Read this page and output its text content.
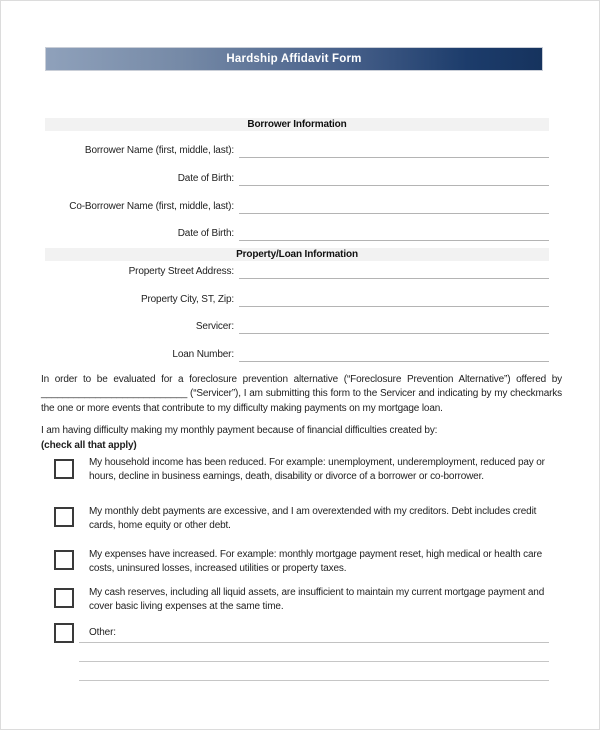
Hardship Affidavit Form
Borrower Information
Borrower Name (first, middle, last):
Date of Birth:
Co-Borrower Name (first, middle, last):
Date of Birth:
Property/Loan Information
Property Street Address:
Property City, ST, Zip:
Servicer:
Loan Number:

In order to be evaluated for a foreclosure prevention alternative (“Foreclosure Prevention Alternative”) offered by ___________________________ (“Servicer”), I am submitting this form to the Servicer and indicating by my checkmarks the one or more events that contribute to my difficulty making payments on my mortgage loan.

I am having difficulty making my monthly payment because of financial difficulties created by:
(check all that apply)

My household income has been reduced. For example: unemployment, underemployment, reduced pay or hours, decline in business earnings, death, disability or divorce of a borrower or co-borrower.
My monthly debt payments are excessive, and I am overextended with my creditors. Debt includes credit cards, home equity or other debt.
My expenses have increased. For example: monthly mortgage payment reset, high medical or health care costs, uninsured losses, increased utilities or property taxes.
My cash reserves, including all liquid assets, are insufficient to maintain my current mortgage payment and cover basic living expenses at the same time.
Other:
